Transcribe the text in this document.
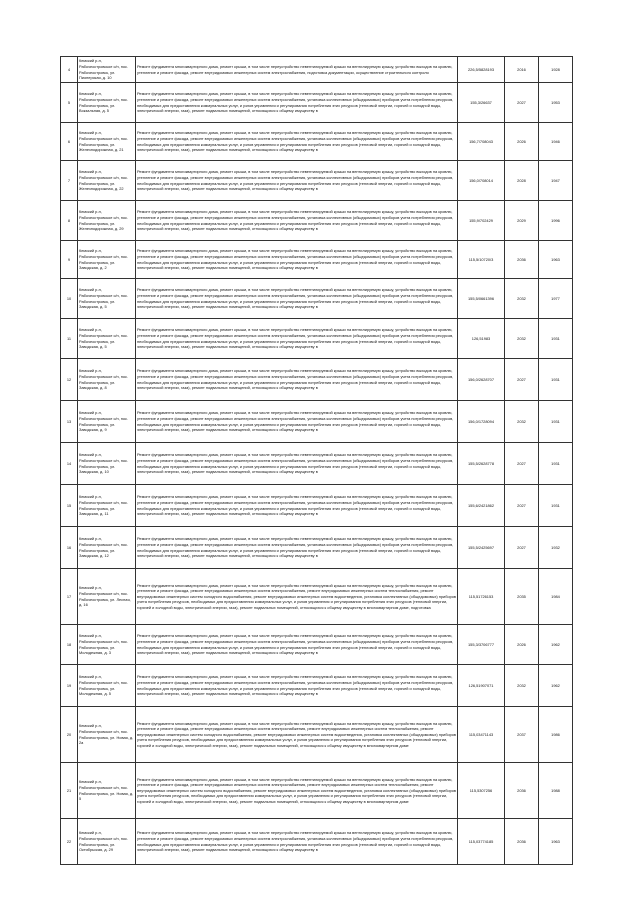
4	Кемский р-н, Рабочеостровское с/п, пос. Рабочеостровск, ул. Пионерская, д. 10	Ремонт фундамента многоквартирного дома, ремонт крыши, в том числе переустройство невентилируемой крыши на вентилируемую крышу, устройство выходов на кровлю, утепление и ремонт фасада, ремонт внутридомовых инженерных систем электроснабжения, подготовка документации, осуществление строительного контроля	226,5/5828193	2016	1928
5	Кемский р-н, Рабочеостровское с/п, пос. Рабочеостровск, ул. Вокзальная, д. 5	Ремонт фундамента многоквартирного дома, ремонт крыши, в том числе переустройство невентилируемой крыши на вентилируемую крышу, устройство выходов на кровлю, утепление и ремонт фасада, ремонт внутридомовых инженерных систем электроснабжения, установка коллективных (общедомовых) приборов учета потребления ресурсов, необходимых для предоставления коммунальных услуг, и узлов управления и регулирования потребления этих ресурсов (тепловой энергии, горячей и холодной воды, электрической энергии, газа), ремонт подвальных помещений, относящихся к общему имуществу в	155,3/26637	2027	1953
6	Кемский р-н, Рабочеостровское с/п, пос. Рабочеостровск, ул. Железнодорожная, д. 21	Ремонт фундамента многоквартирного дома, ремонт крыши, в том числе переустройство невентилируемой крыши на вентилируемую крышу, устройство выходов на кровлю, утепление и ремонт фасада, ремонт внутридомовых инженерных систем электроснабжения, установка коллективных (общедомовых) приборов учета потребления ресурсов, необходимых для предоставления коммунальных услуг, и узлов управления и регулирования потребления этих ресурсов (тепловой энергии, горячей и холодной воды, электрической энергии, газа), ремонт подвальных помещений, относящихся к общему имуществу в	156,7/708043	2026	1946
7	Кемский р-н, Рабочеостровское с/п, пос. Рабочеостровск, ул. Железнодорожная, д. 22	Ремонт фундамента многоквартирного дома, ремонт крыши, в том числе переустройство невентилируемой крыши на вентилируемую крышу, устройство выходов на кровлю, утепление и ремонт фасада, ремонт внутридомовых инженерных систем электроснабжения, установка коллективных (общедомовых) приборов учета потребления ресурсов, необходимых для предоставления коммунальных услуг, и узлов управления и регулирования потребления этих ресурсов (тепловой энергии, горячей и холодной воды, электрической энергии, газа), ремонт подвальных помещений, относящихся к общему имуществу в	156,0/708014	2028	1947
8	Кемский р-н, Рабочеостровское с/п, пос. Рабочеостровск, ул. Железнодорожная, д. 29	Ремонт фундамента многоквартирного дома, ремонт крыши, в том числе переустройство невентилируемой крыши на вентилируемую крышу, устройство выходов на кровлю, утепление и ремонт фасада, ремонт внутридомовых инженерных систем электроснабжения, установка коллективных (общедомовых) приборов учета потребления ресурсов, необходимых для предоставления коммунальных услуг, и узлов управления и регулирования потребления этих ресурсов (тепловой энергии, горячей и холодной воды, электрической энергии, газа), ремонт подвальных помещений, относящихся к общему имуществу в	155,9/702429	2029	1996
9	Кемский р-н, Рабочеостровское с/п, пос. Рабочеостровск, ул. Заводская, д. 2	Ремонт фундамента многоквартирного дома, ремонт крыши, в том числе переустройство невентилируемой крыши на вентилируемую крышу, устройство выходов на кровлю, утепление и ремонт фасада, ремонт внутридомовых инженерных систем электроснабжения, установка коллективных (общедомовых) приборов учета потребления ресурсов, необходимых для предоставления коммунальных услуг, и узлов управления и регулирования потребления этих ресурсов (тепловой энергии, горячей и холодной воды, электрической энергии, газа), ремонт подвальных помещений, относящихся к общему имуществу в	115,5/10720/3	2036	1963
10	Кемский р-н, Рабочеостровское с/п, пос. Рабочеостровск, ул. Заводская, д. 5	Ремонт фундамента многоквартирного дома, ремонт крыши, в том числе переустройство невентилируемой крыши на вентилируемую крышу, устройство выходов на кровлю, утепление и ремонт фасада, ремонт внутридомовых инженерных систем электроснабжения, установка коллективных (общедомовых) приборов учета потребления ресурсов, необходимых для предоставления коммунальных услуг, и узлов управления и регулирования потребления этих ресурсов (тепловой энергии, горячей и холодной воды, электрической энергии, газа), ремонт подвальных помещений, относящихся к общему имуществу в	155,5/0661396	2032	1977
11	Кемский р-н, Рабочеостровское с/п, пос. Рабочеостровск, ул. Заводская, д. 5	Ремонт фундамента многоквартирного дома, ремонт крыши, в том числе переустройство невентилируемой крыши на вентилируемую крышу, устройство выходов на кровлю, утепление и ремонт фасада, ремонт внутридомовых инженерных систем электроснабжения, установка коллективных (общедомовых) приборов учета потребления ресурсов, необходимых для предоставления коммунальных услуг, и узлов управления и регулирования потребления этих ресурсов (тепловой энергии, горячей и холодной воды, электрической энергии, газа), ремонт подвальных помещений, относящихся к общему имуществу в	126,51983	2032	1931
12	Кемский р-н, Рабочеостровское с/п, пос. Рабочеостровск, ул. Заводская, д. 8	Ремонт фундамента многоквартирного дома, ремонт крыши, в том числе переустройство невентилируемой крыши на вентилируемую крышу, устройство выходов на кровлю, утепление и ремонт фасада, ремонт внутридомовых инженерных систем электроснабжения, установка коллективных (общедомовых) приборов учета потребления ресурсов, необходимых для предоставления коммунальных услуг, и узлов управления и регулирования потребления этих ресурсов (тепловой энергии, горячей и холодной воды, электрической энергии, газа), ремонт подвальных помещений, относящихся к общему имуществу в	156,0/2628707	2027	1931
13	Кемский р-н, Рабочеостровское с/п, пос. Рабочеостровск, ул. Заводская, д. 9	Ремонт фундамента многоквартирного дома, ремонт крыши, в том числе переустройство невентилируемой крыши на вентилируемую крышу, устройство выходов на кровлю, утепление и ремонт фасада, ремонт внутридомовых инженерных систем электроснабжения, установка коллективных (общедомовых) приборов учета потребления ресурсов, необходимых для предоставления коммунальных услуг, и узлов управления и регулирования потребления этих ресурсов (тепловой энергии, горячей и холодной воды, электрической энергии, газа), ремонт подвальных помещений, относящихся к общему имуществу в	156,0/1728094	2032	1931
14	Кемский р-н, Рабочеостровское с/п, пос. Рабочеостровск, ул. Заводская, д. 10	Ремонт фундамента многоквартирного дома, ремонт крыши, в том числе переустройство невентилируемой крыши на вентилируемую крышу, устройство выходов на кровлю, утепление и ремонт фасада, ремонт внутридомовых инженерных систем электроснабжения, установка коллективных (общедомовых) приборов учета потребления ресурсов, необходимых для предоставления коммунальных услуг, и узлов управления и регулирования потребления этих ресурсов (тепловой энергии, горячей и холодной воды, электрической энергии, газа), ремонт подвальных помещений, относящихся к общему имуществу в	155,5/2628778	2027	1931
15	Кемский р-н, Рабочеостровское с/п, пос. Рабочеостровск, ул. Заводская, д. 11	Ремонт фундамента многоквартирного дома, ремонт крыши, в том числе переустройство невентилируемой крыши на вентилируемую крышу, устройство выходов на кровлю, утепление и ремонт фасада, ремонт внутридомовых инженерных систем электроснабжения, установка коллективных (общедомовых) приборов учета потребления ресурсов, необходимых для предоставления коммунальных услуг, и узлов управления и регулирования потребления этих ресурсов (тепловой энергии, горячей и холодной воды, электрической энергии, газа), ремонт подвальных помещений, относящихся к общему имуществу в	155,6/2421862	2027	1931
16	Кемский р-н, Рабочеостровское с/п, пос. Рабочеостровск, ул. Заводская, д. 12	Ремонт фундамента многоквартирного дома, ремонт крыши, в том числе переустройство невентилируемой крыши на вентилируемую крышу, устройство выходов на кровлю, утепление и ремонт фасада, ремонт внутридомовых инженерных систем электроснабжения, установка коллективных (общедомовых) приборов учета потребления ресурсов, необходимых для предоставления коммунальных услуг, и узлов управления и регулирования потребления этих ресурсов (тепловой энергии, горячей и холодной воды, электрической энергии, газа), ремонт подвальных помещений, относящихся к общему имуществу в	155,5/2425697	2027	1932
17	Кемский р-н, Рабочеостровское с/п, пос. Рабочеостровск, ул. Лесная, д. 16	Ремонт фундамента многоквартирного дома, ремонт крыши, в том числе переустройство невентилируемой крыши на вентилируемую крышу, устройство выходов на кровлю, утепление и ремонт фасада, ремонт внутридомовых инженерных систем электроснабжения, ремонт внутридомовых инженерных систем теплоснабжения, ремонт внутридомовых инженерных систем холодного водоснабжения, ремонт внутридомовых инженерных систем водоотведения, установка коллективных (общедомовых) приборов учета потребления ресурсов, необходимых для предоставления коммунальных услуг, и узлов управления и регулирования потребления этих ресурсов (тепловой энергии, горячей и холодной воды, электрической энергии, газа), ремонт подвальных помещений, относящихся к общему имуществу в многоквартирном доме, подготовка	115,51726153	2035	1984
18	Кемский р-н, Рабочеостровское с/п, пос. Рабочеостровск, ул. Молодежная, д. 3	Ремонт фундамента многоквартирного дома, ремонт крыши, в том числе переустройство невентилируемой крыши на вентилируемую крышу, устройство выходов на кровлю, утепление и ремонт фасада, ремонт внутридомовых инженерных систем электроснабжения, установка коллективных (общедомовых) приборов учета потребления ресурсов, необходимых для предоставления коммунальных услуг, и узлов управления и регулирования потребления этих ресурсов (тепловой энергии, горячей и холодной воды, электрической энергии, газа), ремонт подвальных помещений, относящихся к общему имуществу в	155,3/3706777	2026	1962
19	Кемский р-н, Рабочеостровское с/п, пос. Рабочеостровск, ул. Молодежная, д. 5	Ремонт фундамента многоквартирного дома, ремонт крыши, в том числе переустройство невентилируемой крыши на вентилируемую крышу, устройство выходов на кровлю, утепление и ремонт фасада, ремонт внутридомовых инженерных систем электроснабжения, установка коллективных (общедомовых) приборов учета потребления ресурсов, необходимых для предоставления коммунальных услуг, и узлов управления и регулирования потребления этих ресурсов (тепловой энергии, горячей и холодной воды, электрической энергии, газа), ремонт подвальных помещений, относящихся к общему имуществу в	126,51907071	2032	1962
20	Кемский р-н, Рабочеостровское с/п, пос. Рабочеостровск, ул. Новая, д. 2а	Ремонт фундамента многоквартирного дома, ремонт крыши, в том числе переустройство невентилируемой крыши на вентилируемую крышу, устройство выходов на кровлю, утепление и ремонт фасада, ремонт внутридомовых инженерных систем электроснабжения, ремонт внутридомовых инженерных систем теплоснабжения, ремонт внутридомовых инженерных систем холодного водоснабжения, ремонт внутридомовых инженерных систем водоотведения, установка коллективных (общедомовых) приборов учета потребления ресурсов, необходимых для предоставления коммунальных услуг, и узлов управления и регулирования потребления этих ресурсов (тепловой энергии, горячей и холодной воды, электрической энергии, газа), ремонт подвальных помещений, относящихся к общему имуществу в многоквартирном доме	115,03471143	2037	1986
21	Кемский р-н, Рабочеостровское с/п, пос. Рабочеостровск, ул. Новая, д. 5	Ремонт фундамента многоквартирного дома, ремонт крыши, в том числе переустройство невентилируемой крыши на вентилируемую крышу, устройство выходов на кровлю, утепление и ремонт фасада, ремонт внутридомовых инженерных систем электроснабжения, ремонт внутридомовых инженерных систем теплоснабжения, ремонт внутридомовых инженерных систем холодного водоснабжения, ремонт внутридомовых инженерных систем водоотведения, установка коллективных (общедомовых) приборов учета потребления ресурсов, необходимых для предоставления коммунальных услуг, и узлов управления и регулирования потребления этих ресурсов (тепловой энергии, горячей и холодной воды, электрической энергии, газа), ремонт подвальных помещений, относящихся к общему имуществу в многоквартирном доме	115,5307256	2036	1988
22	Кемский р-н, Рабочеостровское с/п, пос. Рабочеостровск, ул. Октябрьская, д. 29	Ремонт фундамента многоквартирного дома, ремонт крыши, в том числе переустройство невентилируемой крыши на вентилируемую крышу, устройство выходов на кровлю, утепление и ремонт фасада, ремонт внутридомовых инженерных систем электроснабжения, установка коллективных (общедомовых) приборов учета потребления ресурсов, необходимых для предоставления коммунальных услуг, и узлов управления и регулирования потребления этих ресурсов (тепловой энергии, горячей и холодной воды, электрической энергии, газа), ремонт подвальных помещений, относящихся к общему имуществу в	115,03774185	2036	1963
